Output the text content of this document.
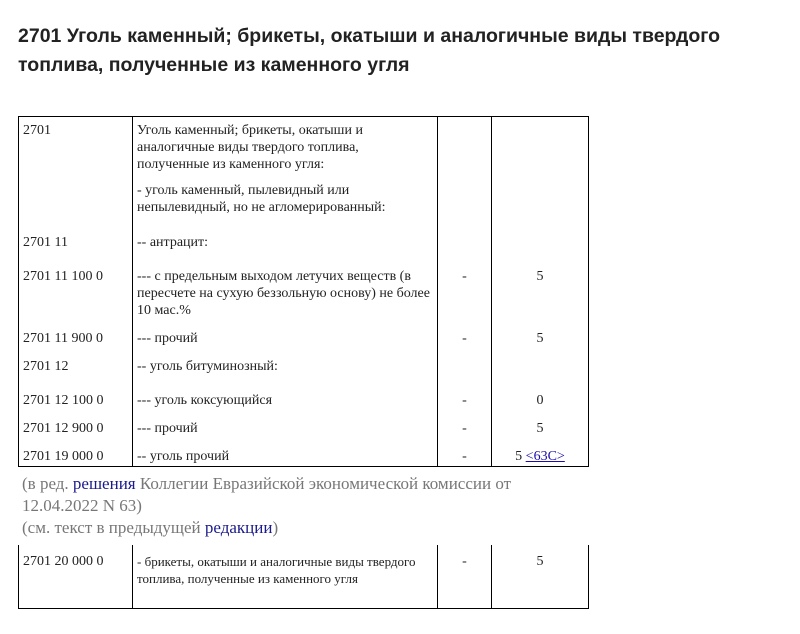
2701 Уголь каменный; брикеты, окатыши и аналогичные виды твердого топлива, полученные из каменного угля
2701	Уголь каменный; брикеты, окатыши и аналогичные виды твердого топлива, полученные из каменного угля:

- уголь каменный, пылевидный или непылевидный, но не агломерированный:		

2701 11	-- антрацит:		
2701 11 100 0	--- с предельным выходом летучих веществ (в пересчете на сухую беззольную основу) не более 10 мас.%	-	5
2701 11 900 0	--- прочий	-	5
2701 12	-- уголь битуминозный:		
2701 12 100 0	--- уголь коксующийся	-	0
2701 12 900 0	--- прочий	-	5
2701 19 000 0	-- уголь прочий	-	5 <63C>
(в ред. решения Коллегии Евразийской экономической комиссии от 12.04.2022 N 63)
(см. текст в предыдущей редакции)
2701 20 000 0	- брикеты, окатыши и аналогичные виды твердого топлива, полученные из каменного угля	-	5
